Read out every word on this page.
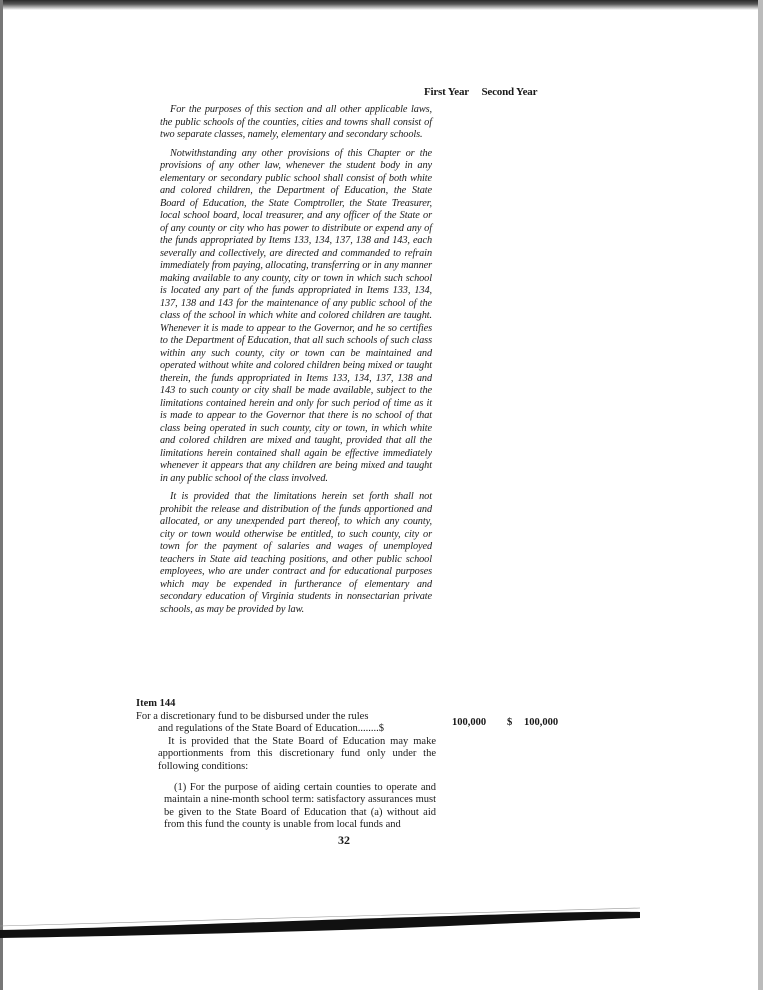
First Year Second Year

For the purposes of this section and all other applicable laws, the public schools of the counties, cities and towns shall consist of two separate classes, namely, elementary and secondary schools.

Notwithstanding any other provisions of this Chapter or the provisions of any other law, whenever the student body in any elementary or secondary public school shall consist of both white and colored children, the Department of Education, the State Board of Education, the State Comptroller, the State Treasurer, local school board, local treasurer, and any officer of the State or of any county or city who has power to distribute or expend any of the funds appropriated by Items 133, 134, 137, 138 and 143, each severally and collectively, are directed and commanded to refrain immediately from paying, allocating, transferring or in any manner making available to any county, city or town in which such school is located any part of the funds appropriated in Items 133, 134, 137, 138 and 143 for the maintenance of any public school of the class of the school in which white and colored children are taught. Whenever it is made to appear to the Governor, and he so certifies to the Department of Education, that all such schools of such class within any such county, city or town can be maintained and operated without white and colored children being mixed or taught therein, the funds appropriated in Items 133, 134, 137, 138 and 143 to such county or city shall be made available, subject to the limitations contained herein and only for such period of time as it is made to appear to the Governor that there is no school of that class being operated in such county, city or town, in which white and colored children are mixed and taught, provided that all the limitations herein contained shall again be effective immediately whenever it appears that any children are being mixed and taught in any public school of the class involved.

It is provided that the limitations herein set forth shall not prohibit the release and distribution of the funds apportioned and allocated, or any unexpended part thereof, to which any county, city or town would otherwise be entitled, to such county, city or town for the payment of salaries and wages of unemployed teachers in State aid teaching positions, and other public school employees, who are under contract and for educational purposes which may be expended in furtherance of elementary and secondary education of Virginia students in nonsectarian private schools, as may be provided by law.

Item 144

For a discretionary fund to be disbursed under the rules

and regulations of the State Board of Education........$

It is provided that the State Board of Education may make apportionments from this discretionary fund only under the following conditions:

(1) For the purpose of aiding certain counties to operate and maintain a nine-month school term: satisfactory assurances must be given to the State Board of Education that (a) without aid from this fund the county is unable from local funds and

100,000 $ 100,000
32
